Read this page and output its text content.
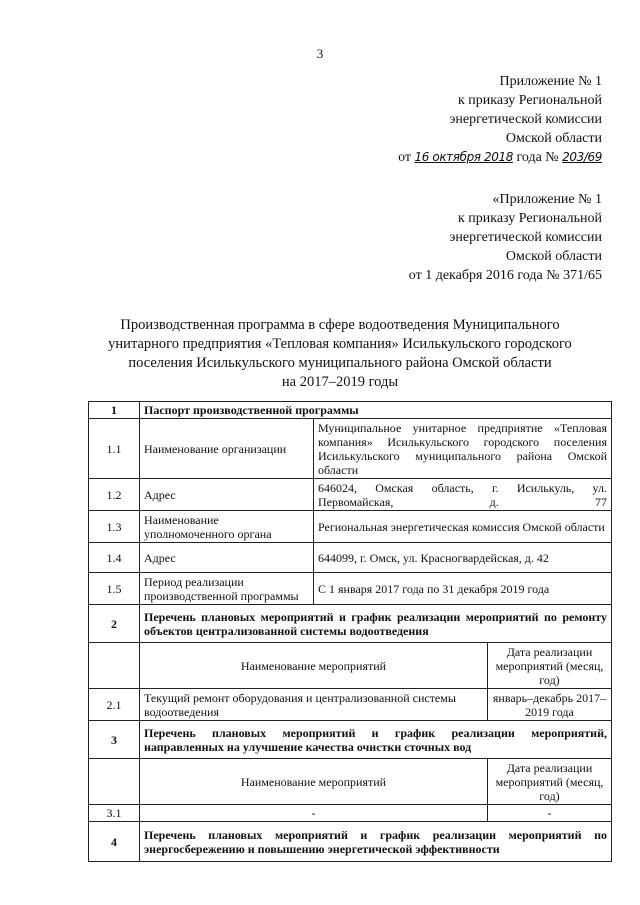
3
Приложение № 1
к приказу Региональной
энергетической комиссии
Омской области
от 16 октября 2018 года № 203/69
«Приложение № 1
к приказу Региональной
энергетической комиссии
Омской области
от 1 декабря 2016 года № 371/65
Производственная программа в сфере водоотведения Муниципального
унитарного предприятия «Тепловая компания» Исилькульского городского
поселения Исилькульского муниципального района Омской области
на 2017–2019 годы
1	Паспорт производственной программы		
1.1	Наименование организации	Муниципальное унитарное предприятие «Тепловая компания» Исилькульского городского поселения Исилькульского муниципального района Омской области	
1.2	Адрес	646024, Омская область, г. Исилькуль, ул. Первомайская, д. 77	
1.3	Наименование уполномоченного органа	Региональная энергетическая комиссия Омской области	
1.4	Адрес	644099, г. Омск, ул. Красногвардейская, д. 42	
1.5	Период реализации производственной программы	С 1 января 2017 года по 31 декабря 2019 года	
2	Перечень плановых мероприятий и график реализации мероприятий по ремонту объектов централизованной системы водоотведения		
	Наименование мероприятий		Дата реализации мероприятий (месяц, год)
2.1	Текущий ремонт оборудования и централизованной системы водоотведения		январь–декабрь 2017–2019 года
3	Перечень плановых мероприятий и график реализации мероприятий, направленных на улучшение качества очистки сточных вод		
	Наименование мероприятий		Дата реализации мероприятий (месяц, год)
3.1	-		-
4	Перечень плановых мероприятий и график реализации мероприятий по энергосбережению и повышению энергетической эффективности		
